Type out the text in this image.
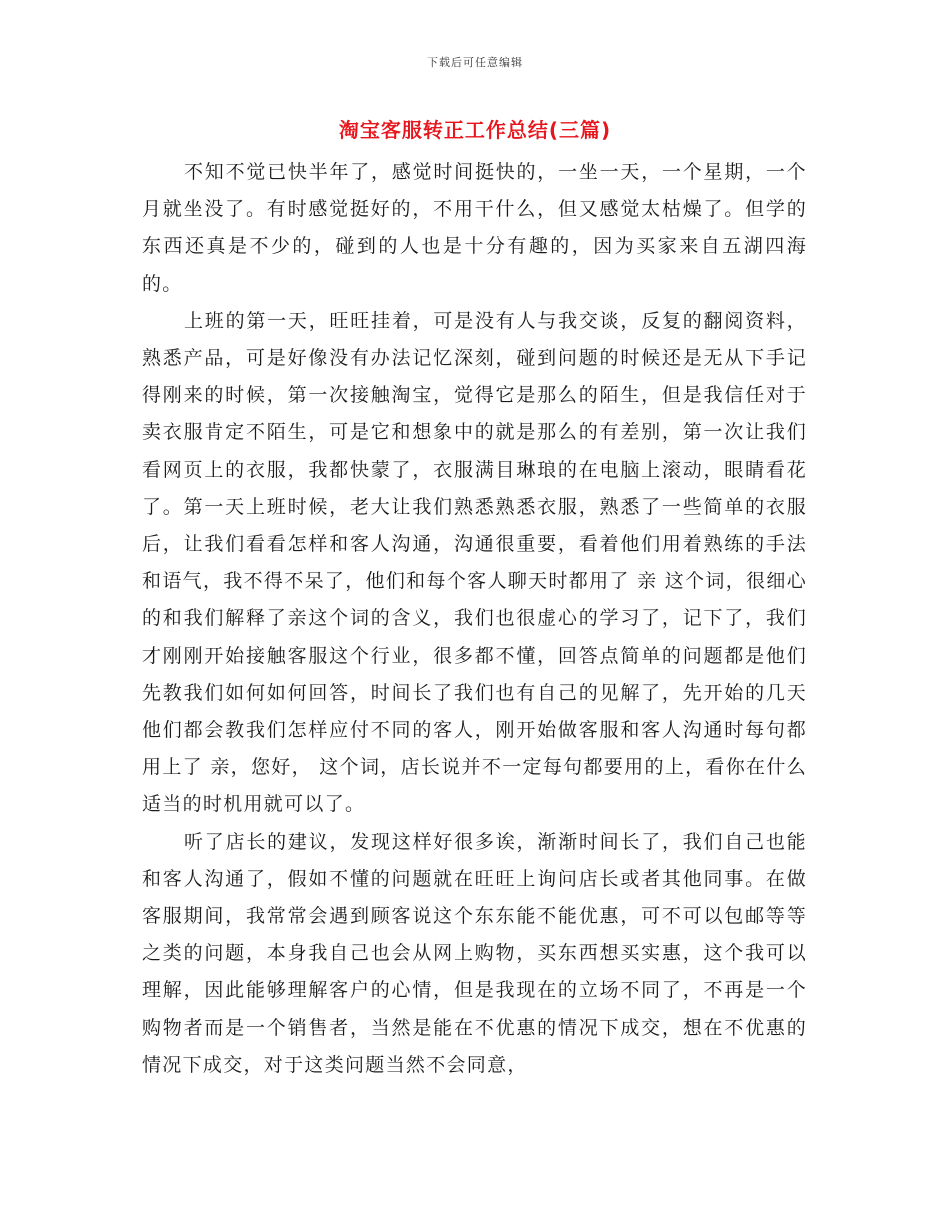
下载后可任意编辑
淘宝客服转正工作总结(三篇)

不知不觉已快半年了，感觉时间挺快的，一坐一天，一个星期，一个月就坐没了。有时感觉挺好的，不用干什么，但又感觉太枯燥了。但学的东西还真是不少的，碰到的人也是十分有趣的，因为买家来自五湖四海的。

上班的第一天，旺旺挂着，可是没有人与我交谈，反复的翻阅资料，熟悉产品，可是好像没有办法记忆深刻，碰到问题的时候还是无从下手记得刚来的时候，第一次接触淘宝，觉得它是那么的陌生，但是我信任对于卖衣服肯定不陌生，可是它和想象中的就是那么的有差别，第一次让我们看网页上的衣服，我都快蒙了，衣服满目琳琅的在电脑上滚动，眼睛看花了。第一天上班时候，老大让我们熟悉熟悉衣服，熟悉了一些简单的衣服后，让我们看看怎样和客人沟通，沟通很重要，看着他们用着熟练的手法和语气，我不得不呆了，他们和每个客人聊天时都用了 亲 这个词，很细心的和我们解释了亲这个词的含义，我们也很虚心的学习了，记下了，我们才刚刚开始接触客服这个行业，很多都不懂，回答点简单的问题都是他们先教我们如何如何回答，时间长了我们也有自己的见解了，先开始的几天他们都会教我们怎样应付不同的客人，刚开始做客服和客人沟通时每句都用上了 亲，您好， 这个词，店长说并不一定每句都要用的上，看你在什么适当的时机用就可以了。

听了店长的建议，发现这样好很多诶，渐渐时间长了，我们自己也能和客人沟通了，假如不懂的问题就在旺旺上询问店长或者其他同事。在做客服期间，我常常会遇到顾客说这个东东能不能优惠，可不可以包邮等等之类的问题，本身我自己也会从网上购物，买东西想买实惠，这个我可以理解，因此能够理解客户的心情，但是我现在的立场不同了，不再是一个购物者而是一个销售者，当然是能在不优惠的情况下成交，想在不优惠的情况下成交，对于这类问题当然不会同意，
